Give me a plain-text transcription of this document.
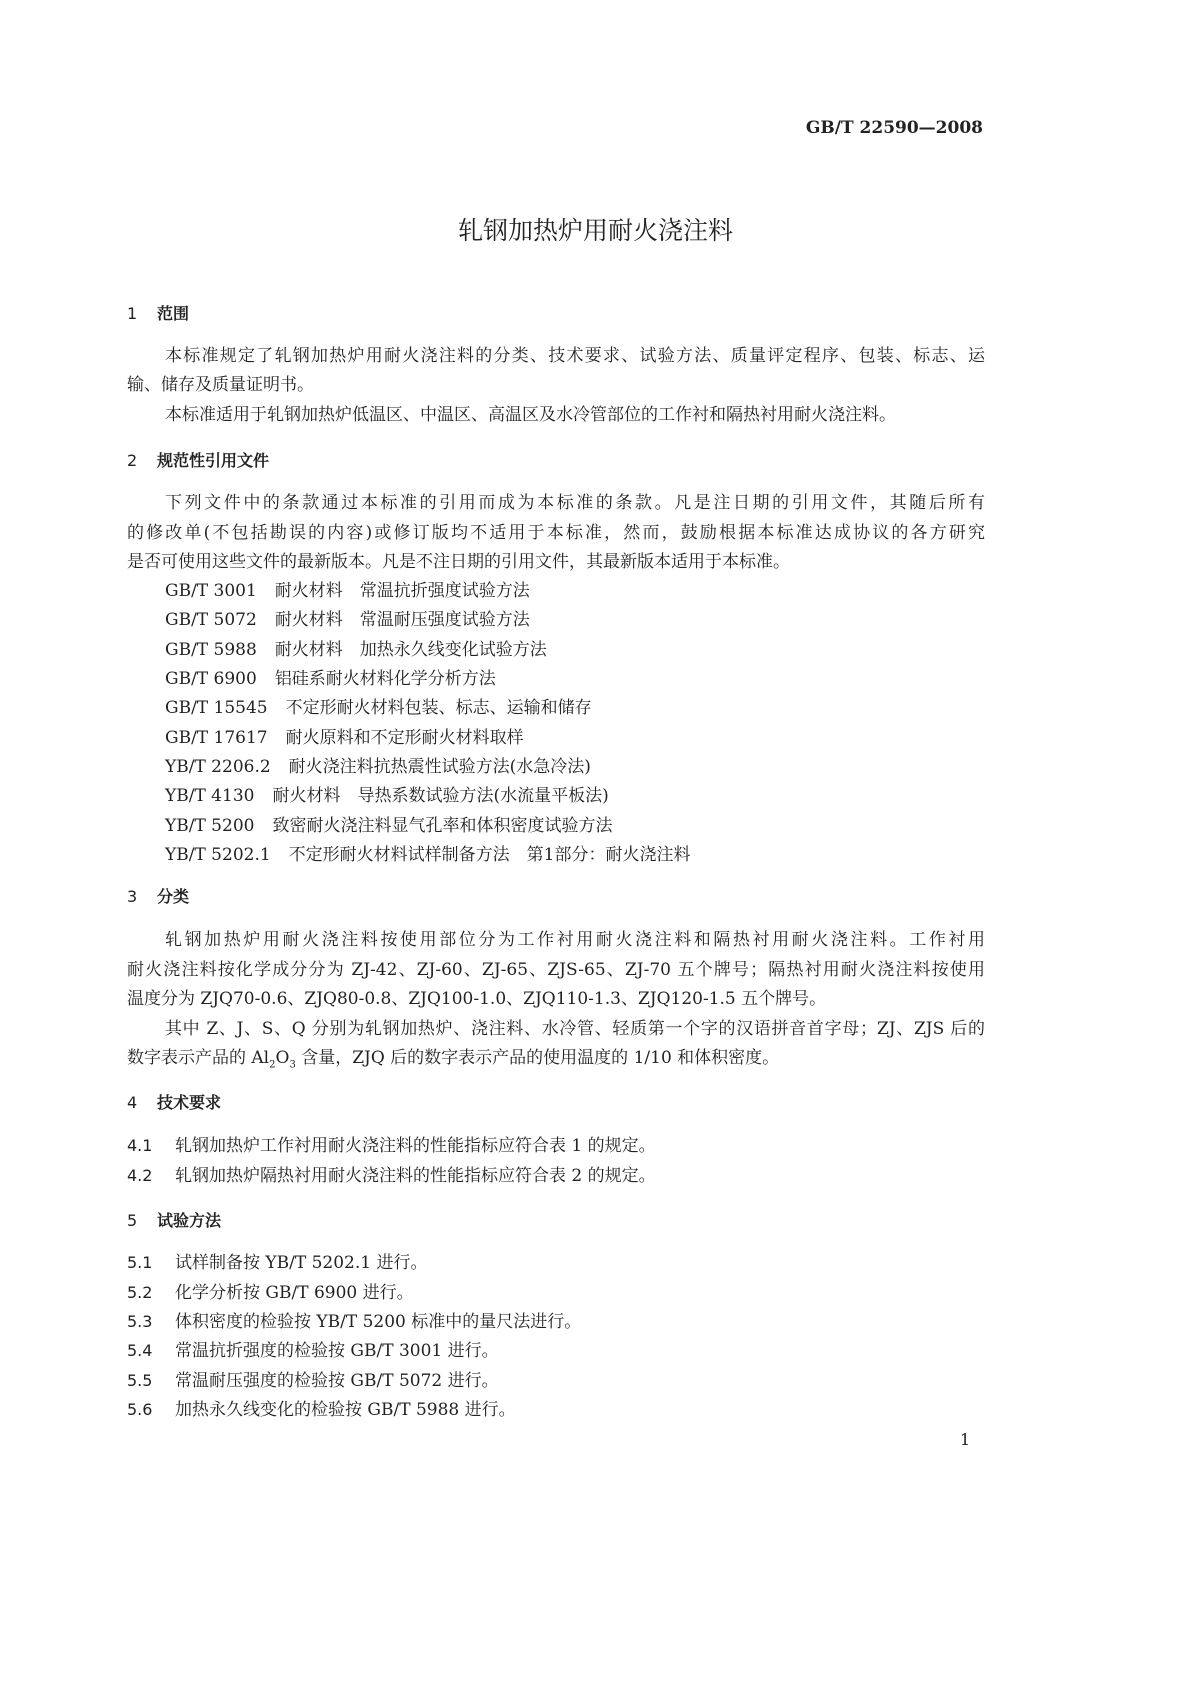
GB/T 22590—2008
轧钢加热炉用耐火浇注料
1 范围
本标准规定了轧钢加热炉用耐火浇注料的分类、技术要求、试验方法、质量评定程序、包装、标志、运
输、储存及质量证明书。
本标准适用于轧钢加热炉低温区、中温区、高温区及水冷管部位的工作衬和隔热衬用耐火浇注料。
2 规范性引用文件
下列文件中的条款通过本标准的引用而成为本标准的条款。凡是注日期的引用文件，其随后所有
的修改单(不包括勘误的内容)或修订版均不适用于本标准，然而，鼓励根据本标准达成协议的各方研究
是否可使用这些文件的最新版本。凡是不注日期的引用文件，其最新版本适用于本标准。
GB/T 3001 耐火材料　常温抗折强度试验方法
GB/T 5072 耐火材料　常温耐压强度试验方法
GB/T 5988 耐火材料　加热永久线变化试验方法
GB/T 6900 铝硅系耐火材料化学分析方法
GB/T 15545 不定形耐火材料包装、标志、运输和储存
GB/T 17617 耐火原料和不定形耐火材料取样
YB/T 2206.2 耐火浇注料抗热震性试验方法(水急冷法)
YB/T 4130 耐火材料　导热系数试验方法(水流量平板法)
YB/T 5200 致密耐火浇注料显气孔率和体积密度试验方法
YB/T 5202.1 不定形耐火材料试样制备方法　第1部分：耐火浇注料
3 分类
轧钢加热炉用耐火浇注料按使用部位分为工作衬用耐火浇注料和隔热衬用耐火浇注料。工作衬用
耐火浇注料按化学成分分为 ZJ-42、ZJ-60、ZJ-65、ZJS-65、ZJ-70 五个牌号；隔热衬用耐火浇注料按使用
温度分为 ZJQ70-0.6、ZJQ80-0.8、ZJQ100-1.0、ZJQ110-1.3、ZJQ120-1.5 五个牌号。
其中 Z、J、S、Q 分别为轧钢加热炉、浇注料、水冷管、轻质第一个字的汉语拼音首字母；ZJ、ZJS 后的
数字表示产品的 $Al_2O_3$ 含量，ZJQ 后的数字表示产品的使用温度的 1/10 和体积密度。
4 技术要求
4.1 轧钢加热炉工作衬用耐火浇注料的性能指标应符合表 1 的规定。
4.2 轧钢加热炉隔热衬用耐火浇注料的性能指标应符合表 2 的规定。
5 试验方法
5.1 试样制备按 YB/T 5202.1 进行。
5.2 化学分析按 GB/T 6900 进行。
5.3 体积密度的检验按 YB/T 5200 标准中的量尺法进行。
5.4 常温抗折强度的检验按 GB/T 3001 进行。
5.5 常温耐压强度的检验按 GB/T 5072 进行。
5.6 加热永久线变化的检验按 GB/T 5988 进行。
1
